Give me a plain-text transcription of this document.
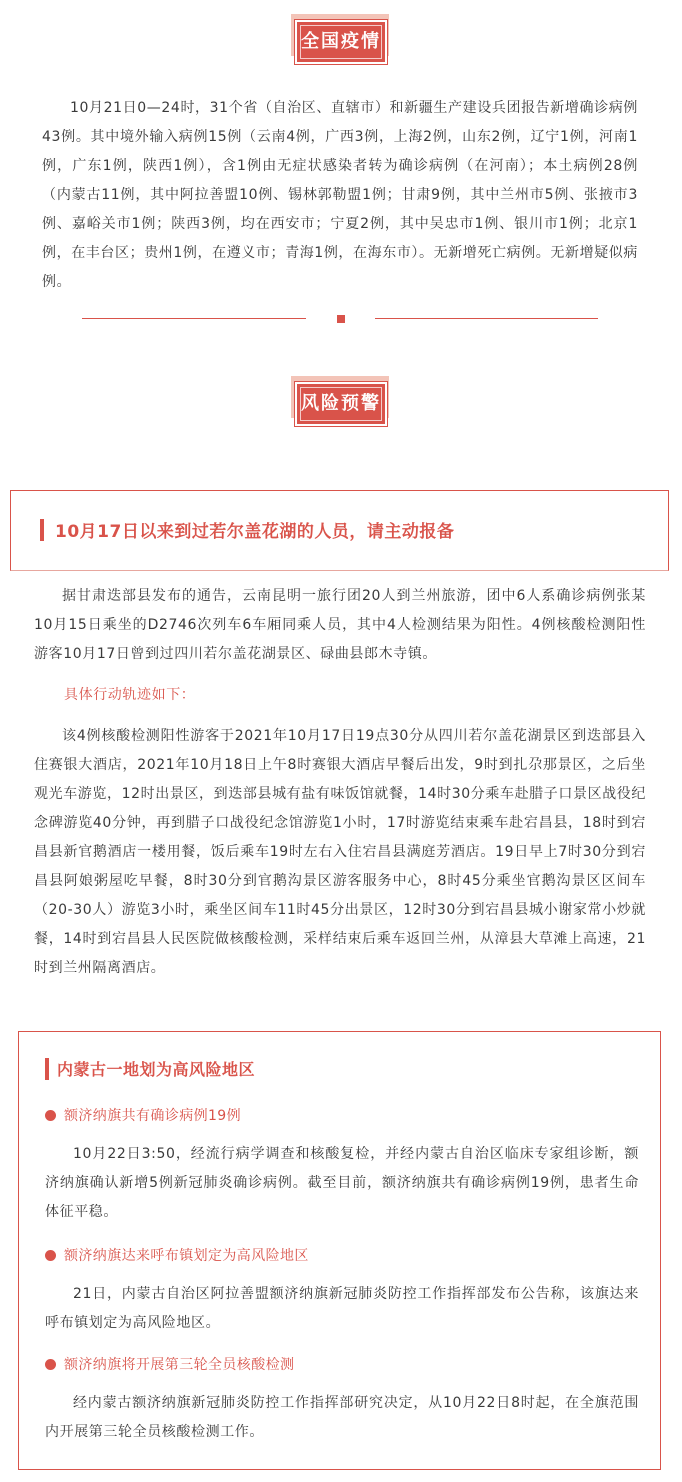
全国疫情
10月21日0—24时，31个省（自治区、直辖市）和新疆生产建设兵团报告新增确诊病例43例。其中境外输入病例15例（云南4例，广西3例，上海2例，山东2例，辽宁1例，河南1例，广东1例，陕西1例），含1例由无症状感染者转为确诊病例（在河南）；本土病例28例（内蒙古11例，其中阿拉善盟10例、锡林郭勒盟1例；甘肃9例，其中兰州市5例、张掖市3例、嘉峪关市1例；陕西3例，均在西安市；宁夏2例，其中吴忠市1例、银川市1例；北京1例，在丰台区；贵州1例，在遵义市；青海1例，在海东市）。无新增死亡病例。无新增疑似病例。
风险预警
10月17日以来到过若尔盖花湖的人员，请主动报备
据甘肃迭部县发布的通告，云南昆明一旅行团20人到兰州旅游，团中6人系确诊病例张某10月15日乘坐的D2746次列车6车厢同乘人员，其中4人检测结果为阳性。4例核酸检测阳性游客10月17日曾到过四川若尔盖花湖景区、碌曲县郎木寺镇。
具体行动轨迹如下：
该4例核酸检测阳性游客于2021年10月17日19点30分从四川若尔盖花湖景区到迭部县入住赛银大酒店，2021年10月18日上午8时赛银大酒店早餐后出发，9时到扎尕那景区，之后坐观光车游览，12时出景区，到迭部县城有盐有味饭馆就餐，14时30分乘车赴腊子口景区战役纪念碑游览40分钟，再到腊子口战役纪念馆游览1小时，17时游览结束乘车赴宕昌县，18时到宕昌县新官鹅酒店一楼用餐，饭后乘车19时左右入住宕昌县满庭芳酒店。19日早上7时30分到宕昌县阿娘粥屋吃早餐，8时30分到官鹅沟景区游客服务中心，8时45分乘坐官鹅沟景区区间车（20-30人）游览3小时，乘坐区间车11时45分出景区，12时30分到宕昌县城小谢家常小炒就餐，14时到宕昌县人民医院做核酸检测，采样结束后乘车返回兰州，从漳县大草滩上高速，21时到兰州隔离酒店。
内蒙古一地划为高风险地区
额济纳旗共有确诊病例19例
10月22日3:50，经流行病学调查和核酸复检，并经内蒙古自治区临床专家组诊断，额济纳旗确认新增5例新冠肺炎确诊病例。截至目前，额济纳旗共有确诊病例19例，患者生命体征平稳。
额济纳旗达来呼布镇划定为高风险地区
21日，内蒙古自治区阿拉善盟额济纳旗新冠肺炎防控工作指挥部发布公告称，该旗达来呼布镇划定为高风险地区。
额济纳旗将开展第三轮全员核酸检测
经内蒙古额济纳旗新冠肺炎防控工作指挥部研究决定，从10月22日8时起，在全旗范围内开展第三轮全员核酸检测工作。
